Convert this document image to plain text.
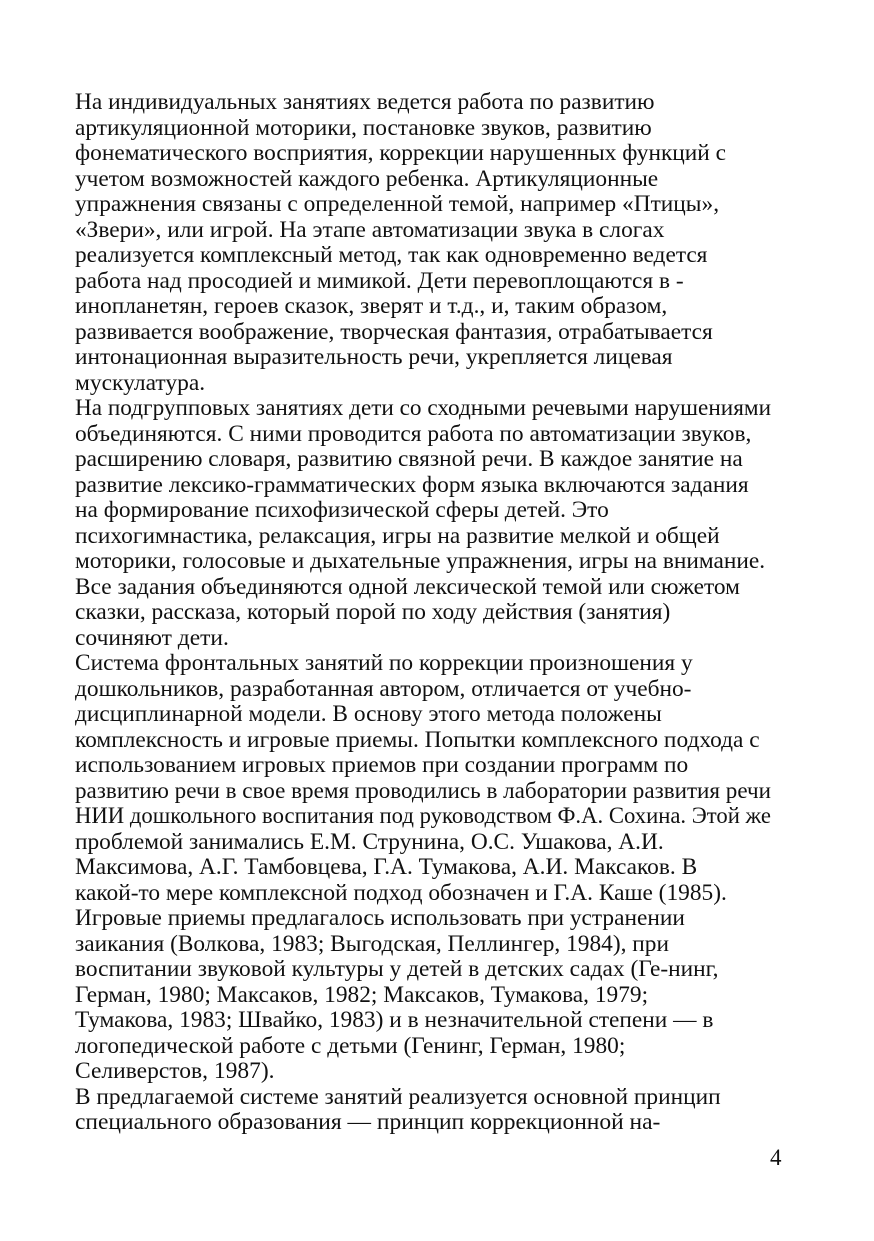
На индивидуальных занятиях ведется работа по развитию
артикуляционной моторики, постановке звуков, развитию
фонематического восприятия, коррекции нарушенных функций с
учетом возможностей каждого ребенка. Артикуляционные
упражнения связаны с определенной темой, например «Птицы»,
«Звери», или игрой. На этапе автоматизации звука в слогах
реализуется комплексный метод, так как одновременно ведется
работа над просодией и мимикой. Дети перевоплощаются в -
инопланетян, героев сказок, зверят и т.д., и, таким образом,
развивается воображение, творческая фантазия, отрабатывается
интонационная выразительность речи, укрепляется лицевая
мускулатура.
На подгрупповых занятиях дети со сходными речевыми нарушениями
объединяются. С ними проводится работа по автоматизации звуков,
расширению словаря, развитию связной речи. В каждое занятие на
развитие лексико-грамматических форм языка включаются задания
на формирование психофизической сферы детей. Это
психогимнастика, релаксация, игры на развитие мелкой и общей
моторики, голосовые и дыхательные упражнения, игры на внимание.
Все задания объединяются одной лексической темой или сюжетом
сказки, рассказа, который порой по ходу действия (занятия)
сочиняют дети.
Система фронтальных занятий по коррекции произношения у
дошкольников, разработанная автором, отличается от учебно-
дисциплинарной модели. В основу этого метода положены
комплексность и игровые приемы. Попытки комплексного подхода с
использованием игровых приемов при создании программ по
развитию речи в свое время проводились в лаборатории развития речи
НИИ дошкольного воспитания под руководством Ф.А. Сохина. Этой же
проблемой занимались Е.М. Струнина, О.С. Ушакова, А.И.
Максимова, А.Г. Тамбовцева, Г.А. Тумакова, А.И. Максаков. В
какой-то мере комплексной подход обозначен и Г.А. Каше (1985).
Игровые приемы предлагалось использовать при устранении
заикания (Волкова, 1983; Выгодская, Пеллингер, 1984), при
воспитании звуковой культуры у детей в детских садах (Ге-нинг,
Герман, 1980; Максаков, 1982; Максаков, Тумакова, 1979;
Тумакова, 1983; Швайко, 1983) и в незначительной степени — в
логопедической работе с детьми (Генинг, Герман, 1980;
Селиверстов, 1987).
В предлагаемой системе занятий реализуется основной принцип
специального образования — принцип коррекционной на-
4
